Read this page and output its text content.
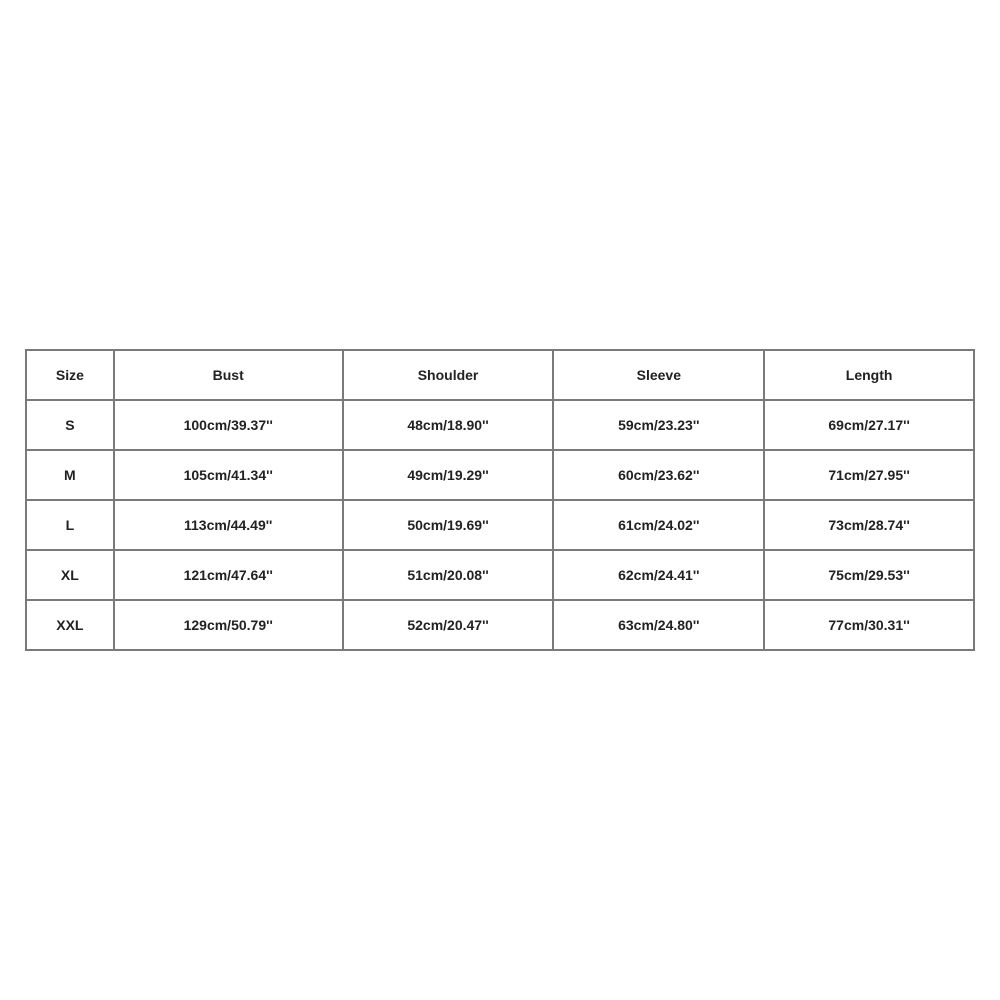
Size	Bust	Shoulder	Sleeve	Length
S	100cm/39.37''	48cm/18.90''	59cm/23.23''	69cm/27.17''
M	105cm/41.34''	49cm/19.29''	60cm/23.62''	71cm/27.95''
L	113cm/44.49''	50cm/19.69''	61cm/24.02''	73cm/28.74''
XL	121cm/47.64''	51cm/20.08''	62cm/24.41''	75cm/29.53''
XXL	129cm/50.79''	52cm/20.47''	63cm/24.80''	77cm/30.31''
